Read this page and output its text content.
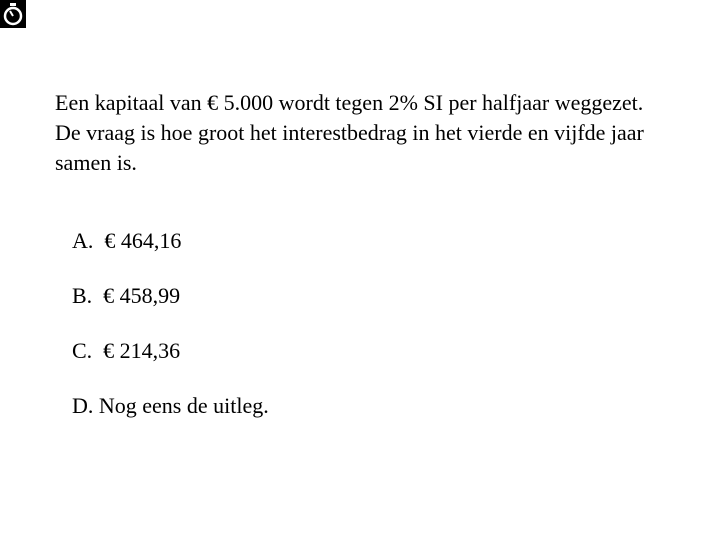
Een kapitaal van € 5.000 wordt tegen 2% SI per halfjaar weggezet.
De vraag is hoe groot het interestbedrag in het vierde en vijfde jaar
samen is.
A.  € 464,16
B.  € 458,99
C.  € 214,36
D. Nog eens de uitleg.
